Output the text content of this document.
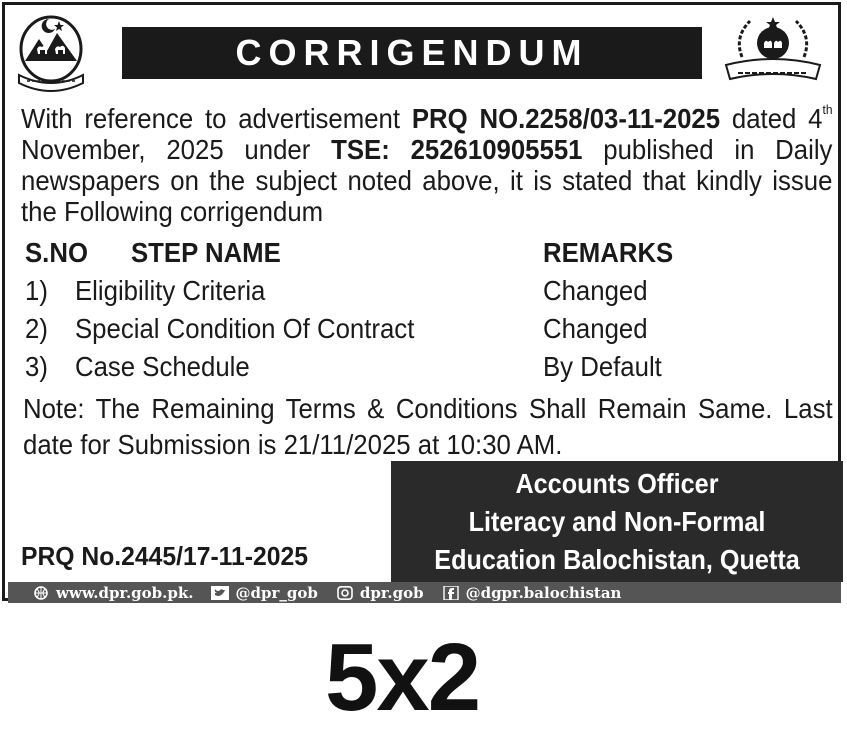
CORRIGENDUM
With reference to advertisement PRQ NO.2258/03-11-2025 dated 4th November, 2025 under TSE: 252610905551 published in Daily newspapers on the subject noted above, it is stated that kindly issue the Following corrigendum
S.NO STEP NAME	REMARKS
1) Eligibility Criteria	Changed
2) Special Condition Of Contract	Changed
3) Case Schedule	By Default
Note: The Remaining Terms & Conditions Shall Remain Same. Last
date for Submission is 21/11/2025 at 10:30 AM.
PRQ No.2445/17-11-2025
Accounts Officer
Literacy and Non-Formal
Education Balochistan, Quetta
www.dpr.gob.pk.	@dpr_gob	dpr.gob	@dgpr.balochistan
5x2
